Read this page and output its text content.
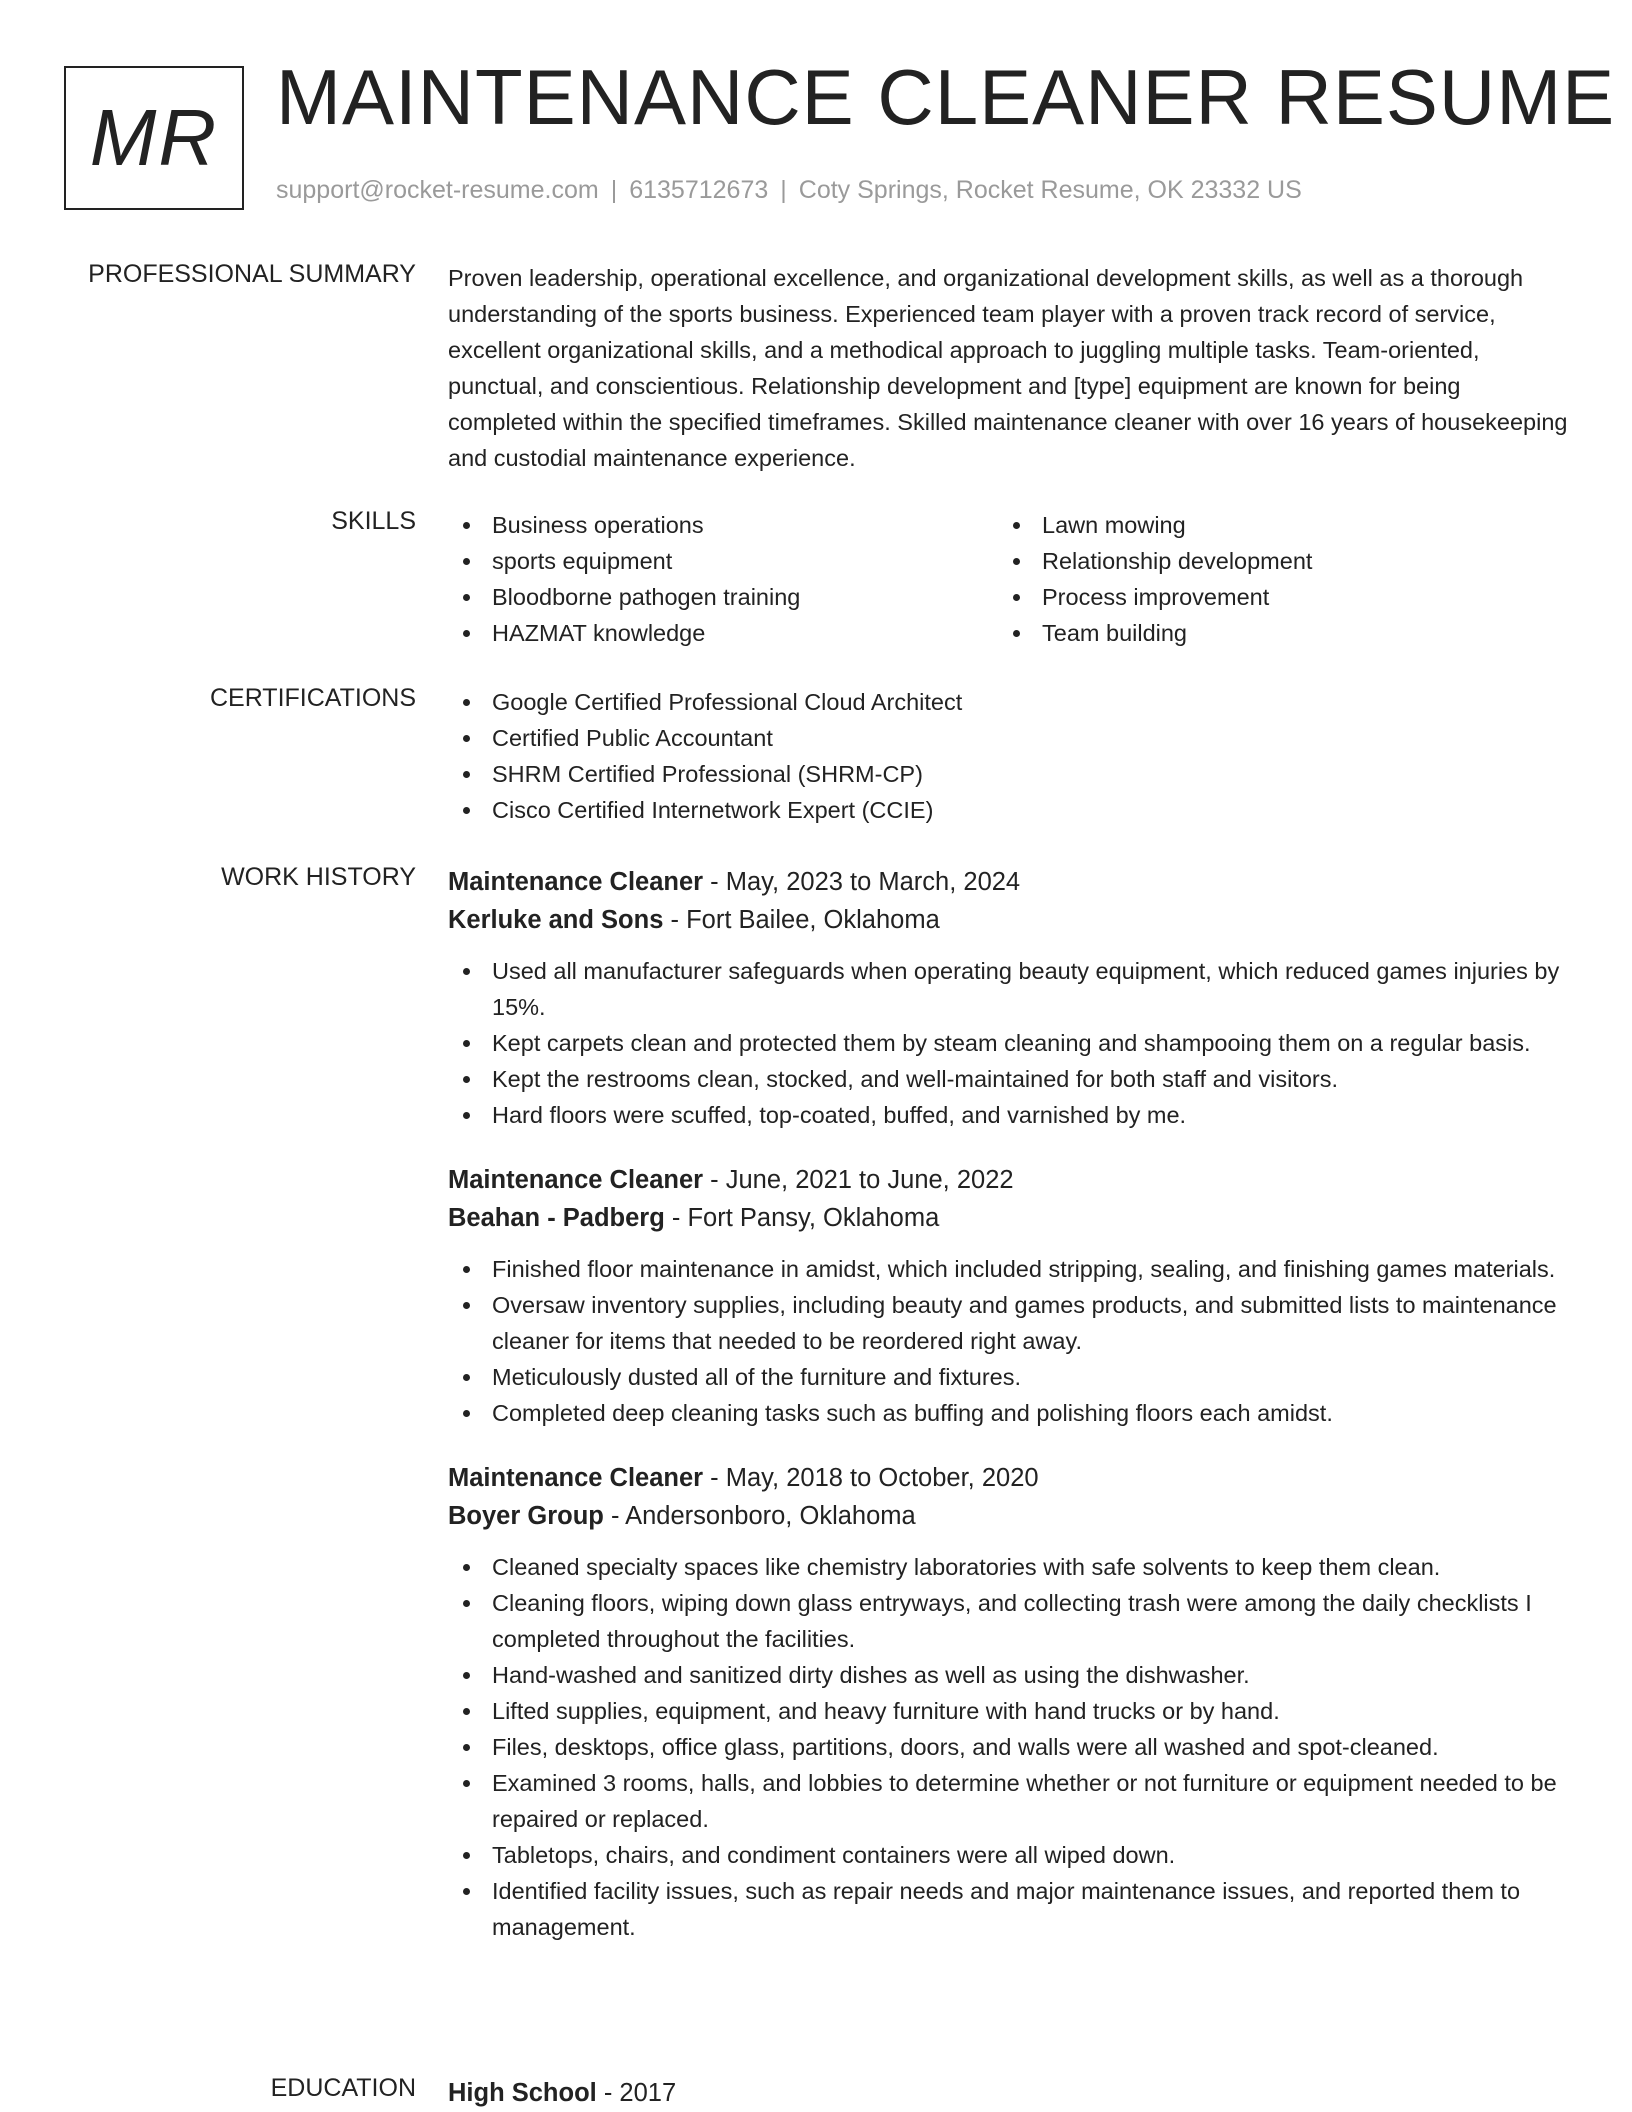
MR MAINTENANCE CLEANER RESUME
support@rocket-resume.com | 6135712673 | Coty Springs, Rocket Resume, OK 23332 US
PROFESSIONAL SUMMARY Proven leadership, operational excellence, and organizational development skills, as well as a thorough understanding of the sports business. Experienced team player with a proven track record of service, excellent organizational skills, and a methodical approach to juggling multiple tasks. Team-oriented, punctual, and conscientious. Relationship development and [type] equipment are known for being completed within the specified timeframes. Skilled maintenance cleaner with over 16 years of housekeeping and custodial maintenance experience.
SKILLS	Business operations
sports equipment
Bloodborne pathogen training
HAZMAT knowledge
Lawn mowing
Relationship development
Process improvement
Team building
CERTIFICATIONS	Google Certified Professional Cloud Architect
Certified Public Accountant
SHRM Certified Professional (SHRM-CP)
Cisco Certified Internetwork Expert (CCIE)
WORK HISTORY Maintenance Cleaner - May, 2023 to March, 2024
Kerluke and Sons - Fort Bailee, Oklahoma
Used all manufacturer safeguards when operating beauty equipment, which reduced games injuries by 15%.
Kept carpets clean and protected them by steam cleaning and shampooing them on a regular basis.
Kept the restrooms clean, stocked, and well-maintained for both staff and visitors.
Hard floors were scuffed, top-coated, buffed, and varnished by me.
Maintenance Cleaner - June, 2021 to June, 2022
Beahan - Padberg - Fort Pansy, Oklahoma
Finished floor maintenance in amidst, which included stripping, sealing, and finishing games materials.
Oversaw inventory supplies, including beauty and games products, and submitted lists to maintenance cleaner for items that needed to be reordered right away.
Meticulously dusted all of the furniture and fixtures.
Completed deep cleaning tasks such as buffing and polishing floors each amidst.
Maintenance Cleaner - May, 2018 to October, 2020
Boyer Group - Andersonboro, Oklahoma
Cleaned specialty spaces like chemistry laboratories with safe solvents to keep them clean.
Cleaning floors, wiping down glass entryways, and collecting trash were among the daily checklists I completed throughout the facilities.
Hand-washed and sanitized dirty dishes as well as using the dishwasher.
Lifted supplies, equipment, and heavy furniture with hand trucks or by hand.
Files, desktops, office glass, partitions, doors, and walls were all washed and spot-cleaned.
Examined 3 rooms, halls, and lobbies to determine whether or not furniture or equipment needed to be repaired or replaced.
Tabletops, chairs, and condiment containers were all wiped down.
Identified facility issues, such as repair needs and major maintenance issues, and reported them to management.
EDUCATION High School - 2017
